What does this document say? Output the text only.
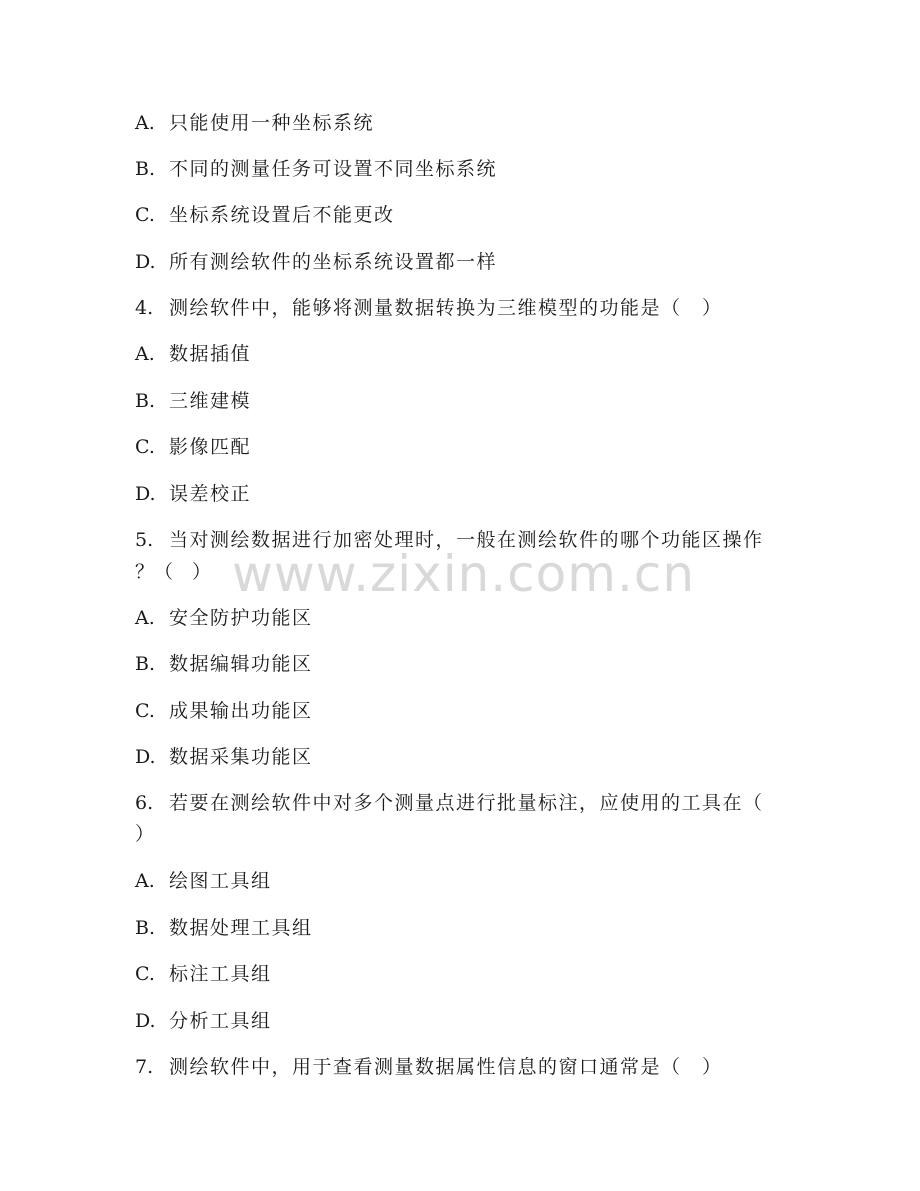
www.zixin.com.cn
A. 只能使用一种坐标系统
B. 不同的测量任务可设置不同坐标系统
C. 坐标系统设置后不能更改
D. 所有测绘软件的坐标系统设置都一样
4. 测绘软件中，能够将测量数据转换为三维模型的功能是（　）
A. 数据插值
B. 三维建模
C. 影像匹配
D. 误差校正
5. 当对测绘数据进行加密处理时，一般在测绘软件的哪个功能区操作
？（　）
A. 安全防护功能区
B. 数据编辑功能区
C. 成果输出功能区
D. 数据采集功能区
6. 若要在测绘软件中对多个测量点进行批量标注，应使用的工具在（
）
A. 绘图工具组
B. 数据处理工具组
C. 标注工具组
D. 分析工具组
7. 测绘软件中，用于查看测量数据属性信息的窗口通常是（　）
